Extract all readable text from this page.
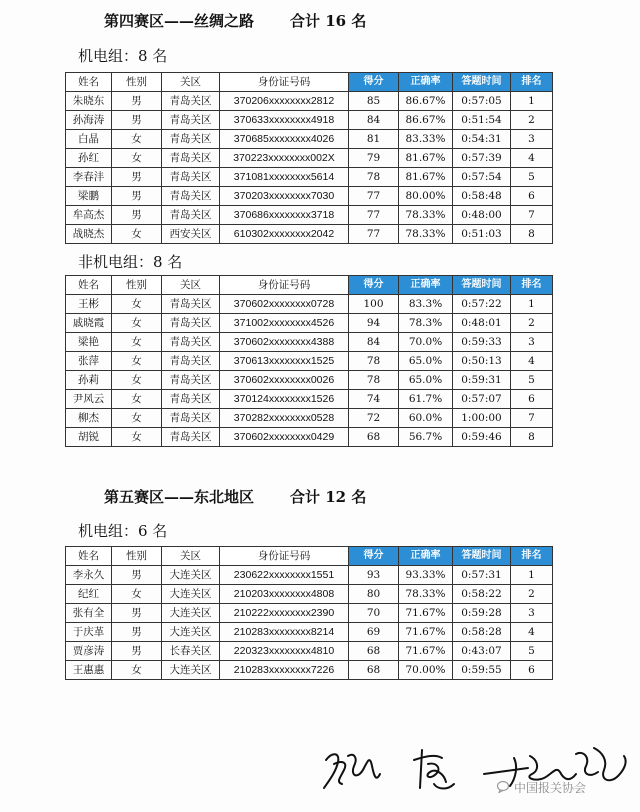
第四赛区——丝绸之路 合计 16 名
机电组：8 名
姓名	性别	关区	身份证号码	得分	正确率	答题时间	排名
朱晓东	男	青岛关区	370206xxxxxxxx2812	85	86.67%	0:57:05	1
孙海涛	男	青岛关区	370633xxxxxxxx4918	84	86.67%	0:51:54	2
白晶	女	青岛关区	370685xxxxxxxx4026	81	83.33%	0:54:31	3
孙红	女	青岛关区	370223xxxxxxxx002X	79	81.67%	0:57:39	4
李春沣	男	青岛关区	371081xxxxxxxx5614	78	81.67%	0:57:54	5
梁鹏	男	青岛关区	370203xxxxxxxx7030	77	80.00%	0:58:48	6
牟高杰	男	青岛关区	370686xxxxxxxx3718	77	78.33%	0:48:00	7
战晓杰	女	西安关区	610302xxxxxxxx2042	77	78.33%	0:51:03	8
非机电组：8 名
姓名	性别	关区	身份证号码	得分	正确率	答题时间	排名
王彬	女	青岛关区	370602xxxxxxxx0728	100	83.3%	0:57:22	1
戚晓霞	女	青岛关区	371002xxxxxxxx4526	94	78.3%	0:48:01	2
梁艳	女	青岛关区	370602xxxxxxxx4388	84	70.0%	0:59:33	3
张萍	女	青岛关区	370613xxxxxxxx1525	78	65.0%	0:50:13	4
孙莉	女	青岛关区	370602xxxxxxxx0026	78	65.0%	0:59:31	5
尹风云	女	青岛关区	370124xxxxxxxx1526	74	61.7%	0:57:07	6
柳杰	女	青岛关区	370282xxxxxxxx0528	72	60.0%	1:00:00	7
胡锐	女	青岛关区	370602xxxxxxxx0429	68	56.7%	0:59:46	8
第五赛区——东北地区 合计 12 名
机电组：6 名
姓名	性别	关区	身份证号码	得分	正确率	答题时间	排名
李永久	男	大连关区	230622xxxxxxxx1551	93	93.33%	0:57:31	1
纪红	女	大连关区	210203xxxxxxxx4808	80	78.33%	0:58:22	2
张有全	男	大连关区	210222xxxxxxxx2390	70	71.67%	0:59:28	3
于庆革	男	大连关区	210283xxxxxxxx8214	69	71.67%	0:58:28	4
贾彦涛	男	长春关区	220323xxxxxxxx4810	68	71.67%	0:43:07	5
王惠惠	女	大连关区	210283xxxxxxxx7226	68	70.00%	0:59:55	6
中国报关协会
